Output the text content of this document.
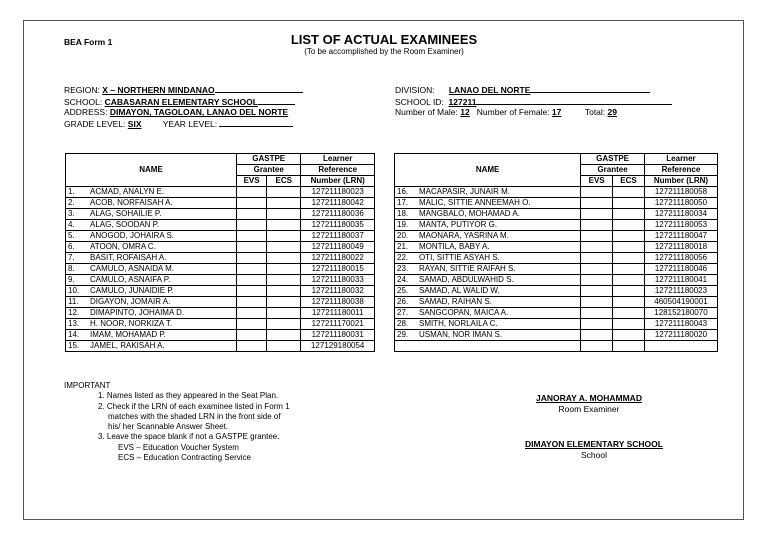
BEA Form 1	LIST OF ACTUAL EXAMINEES
(To be accomplished by the Room Examiner)
REGION: X – NORTHERN MINDANAO
SCHOOL: CABASARAN ELEMENTARY SCHOOL
ADDRESS: DIMAYON, TAGOLOAN, LANAO DEL NORTE
GRADE LEVEL: SIX	YEAR LEVEL:
DIVISION: LANAO DEL NORTE
SCHOOL ID: 127211
Number of Male: 12 Number of Female: 17	Total: 29
NAME	GASTPE		Learner
	Grantee		Reference
	EVS	ECS	Number (LRN)
1. ACMAD, ANALYN E.			127211180023
2. ACOB, NORFAISAH A.			127211180042
3. ALAG, SOHAILIE P.			127211180036
4. ALAG, SOODAN P.			127211180035
5. ANOGOD, JOHAIRA S.			127211180037
6. ATOON, OMRA C.			127211180049
7. BASIT, ROFAISAH A.			127211180022
8. CAMULO, ASNAIDA M.			127211180015
9. CAMULO, ASNAIFA P.			127211180033
10. CAMULO, JUNAIDIE P.			127211180032
11. DIGAYON, JOMAIR A.			127211180038
12. DIMAPINTO, JOHAIMA D.			127211180011
13. H. NOOR, NORKIZA T.			127211170021
14. IMAM, MOHAMAD P.			127211180031
15. JAMEL, RAKISAH A.			127129180054
NAME	GASTPE		Learner
	Grantee		Reference
	EVS	ECS	Number (LRN)
16. MACAPASIR, JUNAIR M.			127211180058
17. MALIC, SITTIE ANNEEMAH O.			127211180050
18. MANGBALO, MOHAMAD A.			127211180034
19. MANTA, PUTIYOR G.			127211180053
20. MAONARA, YASRINA M.			127211180047
21. MONTILA, BABY A.			127211180018
22. OTI, SITTIE ASYAH S.			127211180056
23. RAYAN, SITTIE RAIFAH S.			127211180046
24. SAMAD, ABDULWAHID S.			127211180041
25. SAMAD, AL WALID W.			127211180023
26. SAMAD, RAIHAN S.			460504190001
27. SANGCOPAN, MAICA A.			128152180070
28. SMITH, NORLAILA C.			127211180043
29. USMAN, NOR IMAN S.			127211180020

IMPORTANT
1. Names listed as they appeared in the Seat Plan.
2. Check if the LRN of each examinee listed in Form 1
matches with the shaded LRN in the front side of
his/ her Scannable Answer Sheet.
3. Leave the space blank if not a GASTPE grantee.
EVS – Education Voucher System
ECS – Education Contracting Service
JANORAY A. MOHAMMAD
Room Examiner
DIMAYON ELEMENTARY SCHOOL
School
